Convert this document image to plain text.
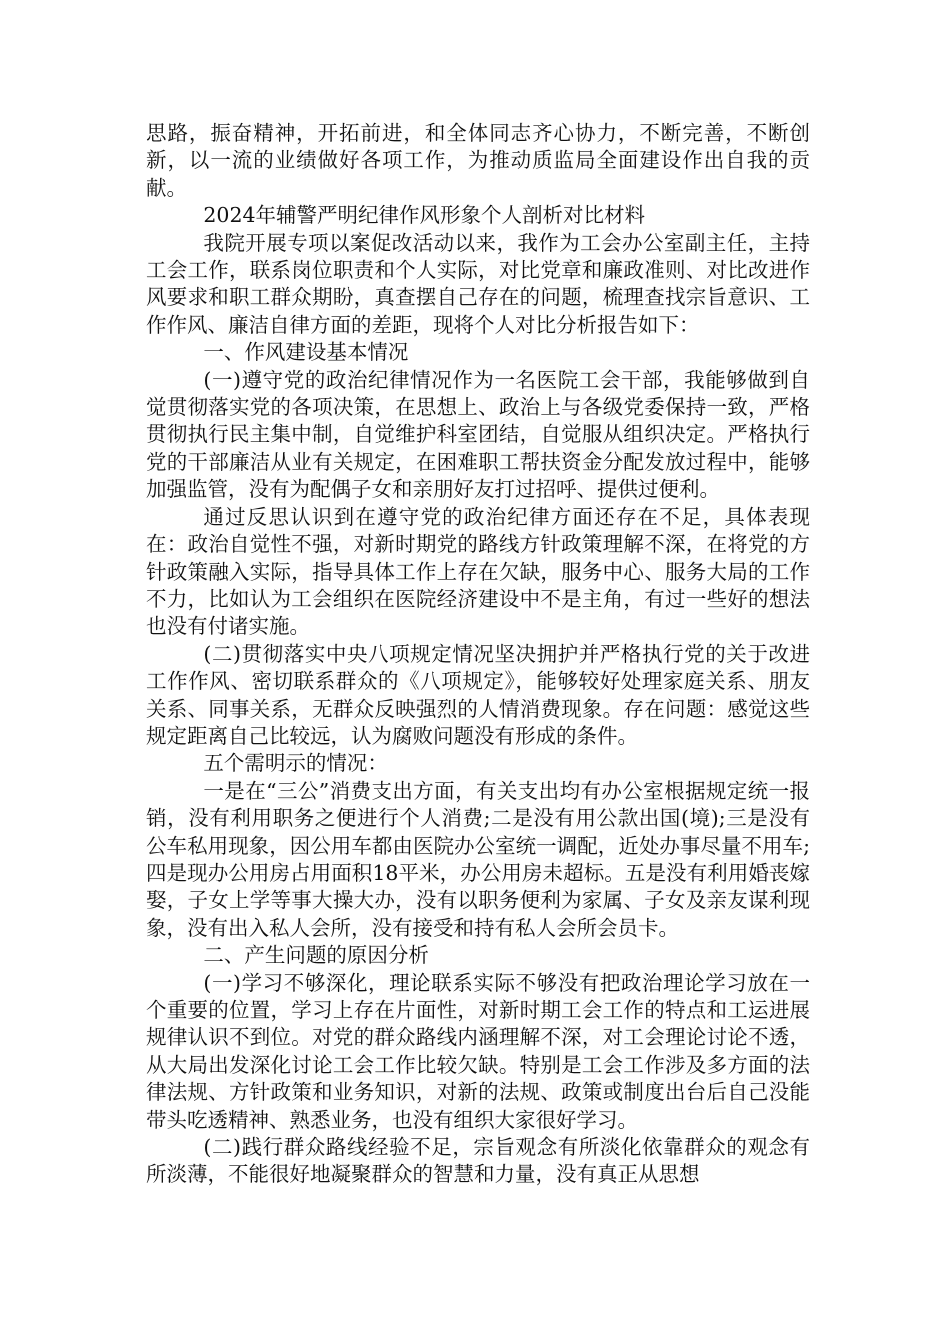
思路，振奋精神，开拓前进，和全体同志齐心协力，不断完善，不断创新，以一流的业绩做好各项工作，为推动质监局全面建设作出自我的贡献。

2024年辅警严明纪律作风形象个人剖析对比材料

我院开展专项以案促改活动以来，我作为工会办公室副主任，主持工会工作，联系岗位职责和个人实际，对比党章和廉政准则、对比改进作风要求和职工群众期盼，真查摆自己存在的问题，梳理查找宗旨意识、工作作风、廉洁自律方面的差距，现将个人对比分析报告如下：

一、作风建设基本情况

(一)遵守党的政治纪律情况作为一名医院工会干部，我能够做到自觉贯彻落实党的各项决策，在思想上、政治上与各级党委保持一致，严格贯彻执行民主集中制，自觉维护科室团结，自觉服从组织决定。严格执行党的干部廉洁从业有关规定，在困难职工帮扶资金分配发放过程中，能够加强监管，没有为配偶子女和亲朋好友打过招呼、提供过便利。

通过反思认识到在遵守党的政治纪律方面还存在不足，具体表现在：政治自觉性不强，对新时期党的路线方针政策理解不深，在将党的方针政策融入实际，指导具体工作上存在欠缺，服务中心、服务大局的工作不力，比如认为工会组织在医院经济建设中不是主角，有过一些好的想法也没有付诸实施。

(二)贯彻落实中央八项规定情况坚决拥护并严格执行党的关于改进工作作风、密切联系群众的《八项规定》，能够较好处理家庭关系、朋友关系、同事关系，无群众反映强烈的人情消费现象。存在问题：感觉这些规定距离自己比较远，认为腐败问题没有形成的条件。

五个需明示的情况：

一是在“三公”消费支出方面，有关支出均有办公室根据规定统一报销，没有利用职务之便进行个人消费;二是没有用公款出国(境);三是没有公车私用现象，因公用车都由医院办公室统一调配，近处办事尽量不用车;四是现办公用房占用面积18平米，办公用房未超标。五是没有利用婚丧嫁娶，子女上学等事大操大办，没有以职务便利为家属、子女及亲友谋利现象，没有出入私人会所，没有接受和持有私人会所会员卡。

二、产生问题的原因分析

(一)学习不够深化，理论联系实际不够没有把政治理论学习放在一个重要的位置，学习上存在片面性，对新时期工会工作的特点和工运进展规律认识不到位。对党的群众路线内涵理解不深，对工会理论讨论不透，从大局出发深化讨论工会工作比较欠缺。特别是工会工作涉及多方面的法律法规、方针政策和业务知识，对新的法规、政策或制度出台后自己没能带头吃透精神、熟悉业务，也没有组织大家很好学习。

(二)践行群众路线经验不足，宗旨观念有所淡化依靠群众的观念有所淡薄，不能很好地凝聚群众的智慧和力量，没有真正从思想
